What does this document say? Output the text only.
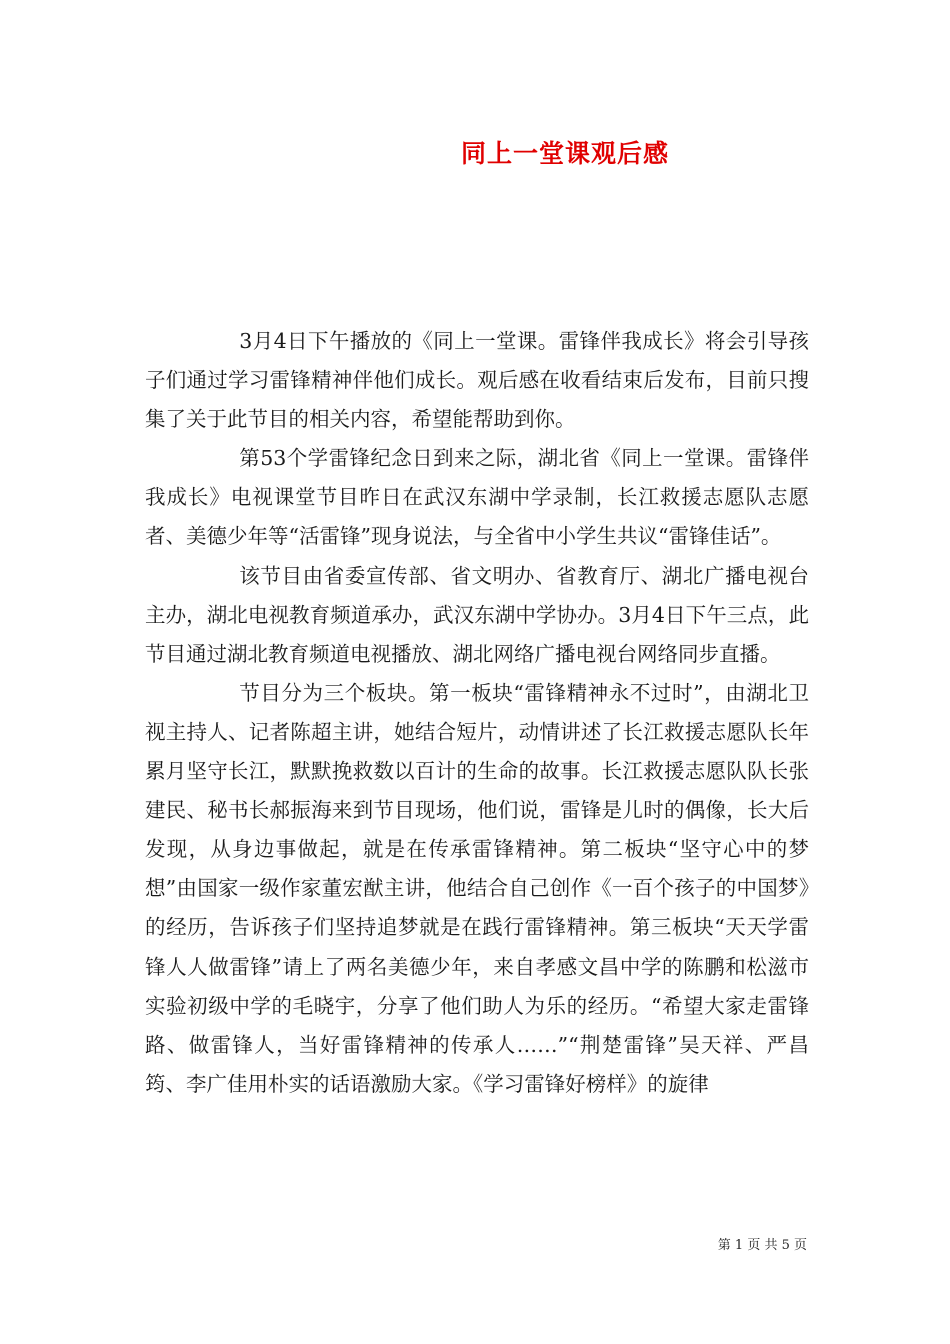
同上一堂课观后感

3月4日下午播放的《同上一堂课。雷锋伴我成长》将会引导孩子们通过学习雷锋精神伴他们成长。观后感在收看结束后发布，目前只搜集了关于此节目的相关内容，希望能帮助到你。

第53个学雷锋纪念日到来之际，湖北省《同上一堂课。雷锋伴我成长》电视课堂节目昨日在武汉东湖中学录制，长江救援志愿队志愿者、美德少年等“活雷锋”现身说法，与全省中小学生共议“雷锋佳话”。

该节目由省委宣传部、省文明办、省教育厅、湖北广播电视台主办，湖北电视教育频道承办，武汉东湖中学协办。3月4日下午三点，此节目通过湖北教育频道电视播放、湖北网络广播电视台网络同步直播。

节目分为三个板块。第一板块“雷锋精神永不过时”，由湖北卫视主持人、记者陈超主讲，她结合短片，动情讲述了长江救援志愿队长年累月坚守长江，默默挽救数以百计的生命的故事。长江救援志愿队队长张建民、秘书长郝振海来到节目现场，他们说，雷锋是儿时的偶像，长大后发现，从身边事做起，就是在传承雷锋精神。第二板块“坚守心中的梦想”由国家一级作家董宏猷主讲，他结合自己创作《一百个孩子的中国梦》的经历，告诉孩子们坚持追梦就是在践行雷锋精神。第三板块“天天学雷锋人人做雷锋”请上了两名美德少年，来自孝感文昌中学的陈鹏和松滋市实验初级中学的毛晓宇，分享了他们助人为乐的经历。“希望大家走雷锋路、做雷锋人，当好雷锋精神的传承人……”“荆楚雷锋”吴天祥、严昌筠、李广佳用朴实的话语激励大家。《学习雷锋好榜样》的旋律

第 1 页 共 5 页
